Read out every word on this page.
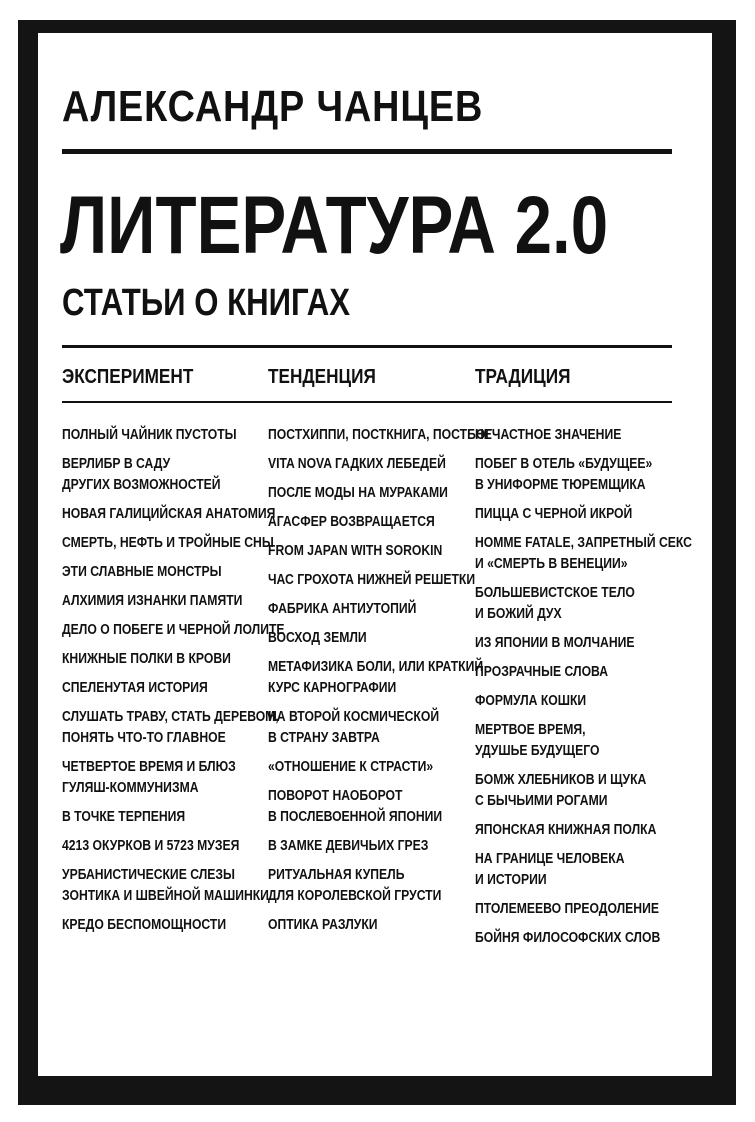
АЛЕКСАНДР ЧАНЦЕВ
ЛИТЕРАТУРА 2.0
СТАТЬИ О КНИГАХ
ЭКСПЕРИМЕНТ	ТЕНДЕНЦИЯ	ТРАДИЦИЯ
ПОЛНЫЙ ЧАЙНИК ПУСТОТЫ
ВЕРЛИБР В САДУ
ДРУГИХ ВОЗМОЖНОСТЕЙ
НОВАЯ ГАЛИЦИЙСКАЯ АНАТОМИЯ
СМЕРТЬ, НЕФТЬ И ТРОЙНЫЕ СНЫ
ЭТИ СЛАВНЫЕ МОНСТРЫ
АЛХИМИЯ ИЗНАНКИ ПАМЯТИ
ДЕЛО О ПОБЕГЕ И ЧЕРНОЙ ЛОЛИТЕ
КНИЖНЫЕ ПОЛКИ В КРОВИ
СПЕЛЕНУТАЯ ИСТОРИЯ
СЛУШАТЬ ТРАВУ, СТАТЬ ДЕРЕВОМ,
ПОНЯТЬ ЧТО-ТО ГЛАВНОЕ
ЧЕТВЕРТОЕ ВРЕМЯ И БЛЮЗ
ГУЛЯШ-КОММУНИЗМА
В ТОЧКЕ ТЕРПЕНИЯ
4213 ОКУРКОВ И 5723 МУЗЕЯ
УРБАНИСТИЧЕСКИЕ СЛЕЗЫ
ЗОНТИКА И ШВЕЙНОЙ МАШИНКИ
КРЕДО БЕСПОМОЩНОСТИ
ПОСТХИППИ, ПОСТКНИГА, ПОСТБОГ
VITA NOVA ГАДКИХ ЛЕБЕДЕЙ
ПОСЛЕ МОДЫ НА МУРАКАМИ
АГАСФЕР ВОЗВРАЩАЕТСЯ
FROM JAPAN WITH SOROKIN
ЧАС ГРОХОТА НИЖНЕЙ РЕШЕТКИ
ФАБРИКА АНТИУТОПИЙ
ВОСХОД ЗЕМЛИ
МЕТАФИЗИКА БОЛИ, ИЛИ КРАТКИЙ
КУРС КАРНОГРАФИИ
НА ВТОРОЙ КОСМИЧЕСКОЙ
В СТРАНУ ЗАВТРА
«ОТНОШЕНИЕ К СТРАСТИ»
ПОВОРОТ НАОБОРОТ
В ПОСЛЕВОЕННОЙ ЯПОНИИ
В ЗАМКЕ ДЕВИЧЬИХ ГРЕЗ
РИТУАЛЬНАЯ КУПЕЛЬ
ДЛЯ КОРОЛЕВСКОЙ ГРУСТИ
ОПТИКА РАЗЛУКИ
НЕЧАСТНОЕ ЗНАЧЕНИЕ
ПОБЕГ В ОТЕЛЬ «БУДУЩЕЕ»
В УНИФОРМЕ ТЮРЕМЩИКА
ПИЦЦА С ЧЕРНОЙ ИКРОЙ
HOMME FATALE, ЗАПРЕТНЫЙ СЕКС
И «СМЕРТЬ В ВЕНЕЦИИ»
БОЛЬШЕВИСТСКОЕ ТЕЛО
И БОЖИЙ ДУХ
ИЗ ЯПОНИИ В МОЛЧАНИЕ
ПРОЗРАЧНЫЕ СЛОВА
ФОРМУЛА КОШКИ
МЕРТВОЕ ВРЕМЯ,
УДУШЬЕ БУДУЩЕГО
БОМЖ ХЛЕБНИКОВ И ЩУКА
С БЫЧЬИМИ РОГАМИ
ЯПОНСКАЯ КНИЖНАЯ ПОЛКА
НА ГРАНИЦЕ ЧЕЛОВЕКА
И ИСТОРИИ
ПТОЛЕМЕЕВО ПРЕОДОЛЕНИЕ
БОЙНЯ ФИЛОСОФСКИХ СЛОВ
